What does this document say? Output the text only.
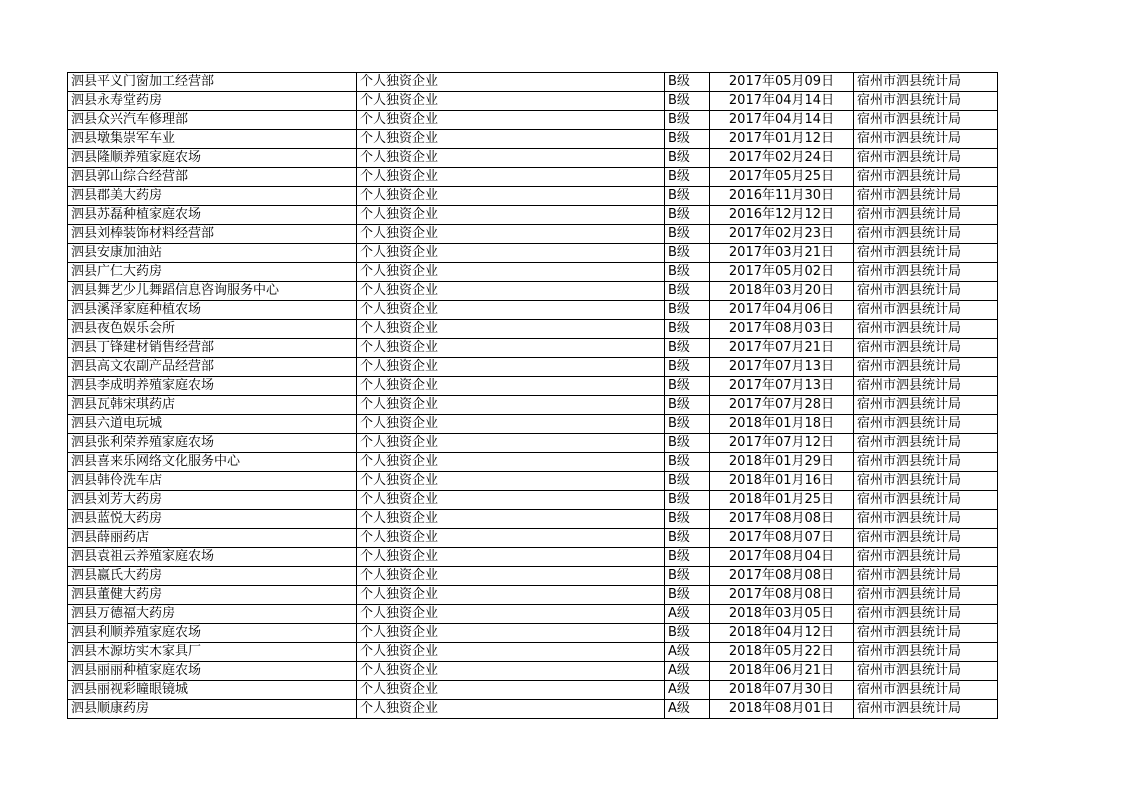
泗县平义门窗加工经营部	个人独资企业	B级	2017年05月09日	宿州市泗县统计局
泗县永寿堂药房	个人独资企业	B级	2017年04月14日	宿州市泗县统计局
泗县众兴汽车修理部	个人独资企业	B级	2017年04月14日	宿州市泗县统计局
泗县墩集崇军车业	个人独资企业	B级	2017年01月12日	宿州市泗县统计局
泗县隆顺养殖家庭农场	个人独资企业	B级	2017年02月24日	宿州市泗县统计局
泗县郭山综合经营部	个人独资企业	B级	2017年05月25日	宿州市泗县统计局
泗县郡美大药房	个人独资企业	B级	2016年11月30日	宿州市泗县统计局
泗县苏磊种植家庭农场	个人独资企业	B级	2016年12月12日	宿州市泗县统计局
泗县刘棒装饰材料经营部	个人独资企业	B级	2017年02月23日	宿州市泗县统计局
泗县安康加油站	个人独资企业	B级	2017年03月21日	宿州市泗县统计局
泗县广仁大药房	个人独资企业	B级	2017年05月02日	宿州市泗县统计局
泗县舞艺少儿舞蹈信息咨询服务中心	个人独资企业	B级	2018年03月20日	宿州市泗县统计局
泗县溪泽家庭种植农场	个人独资企业	B级	2017年04月06日	宿州市泗县统计局
泗县夜色娱乐会所	个人独资企业	B级	2017年08月03日	宿州市泗县统计局
泗县丁锋建材销售经营部	个人独资企业	B级	2017年07月21日	宿州市泗县统计局
泗县高文农副产品经营部	个人独资企业	B级	2017年07月13日	宿州市泗县统计局
泗县李成明养殖家庭农场	个人独资企业	B级	2017年07月13日	宿州市泗县统计局
泗县瓦韩宋琪药店	个人独资企业	B级	2017年07月28日	宿州市泗县统计局
泗县六道电玩城	个人独资企业	B级	2018年01月18日	宿州市泗县统计局
泗县张利荣养殖家庭农场	个人独资企业	B级	2017年07月12日	宿州市泗县统计局
泗县喜来乐网络文化服务中心	个人独资企业	B级	2018年01月29日	宿州市泗县统计局
泗县韩伶洗车店	个人独资企业	B级	2018年01月16日	宿州市泗县统计局
泗县刘芳大药房	个人独资企业	B级	2018年01月25日	宿州市泗县统计局
泗县蓝悦大药房	个人独资企业	B级	2017年08月08日	宿州市泗县统计局
泗县薛丽药店	个人独资企业	B级	2017年08月07日	宿州市泗县统计局
泗县袁祖云养殖家庭农场	个人独资企业	B级	2017年08月04日	宿州市泗县统计局
泗县嬴氏大药房	个人独资企业	B级	2017年08月08日	宿州市泗县统计局
泗县董健大药房	个人独资企业	B级	2017年08月08日	宿州市泗县统计局
泗县万德福大药房	个人独资企业	A级	2018年03月05日	宿州市泗县统计局
泗县利顺养殖家庭农场	个人独资企业	B级	2018年04月12日	宿州市泗县统计局
泗县木源坊实木家具厂	个人独资企业	A级	2018年05月22日	宿州市泗县统计局
泗县丽丽种植家庭农场	个人独资企业	A级	2018年06月21日	宿州市泗县统计局
泗县丽视彩瞳眼镜城	个人独资企业	A级	2018年07月30日	宿州市泗县统计局
泗县顺康药房	个人独资企业	A级	2018年08月01日	宿州市泗县统计局
